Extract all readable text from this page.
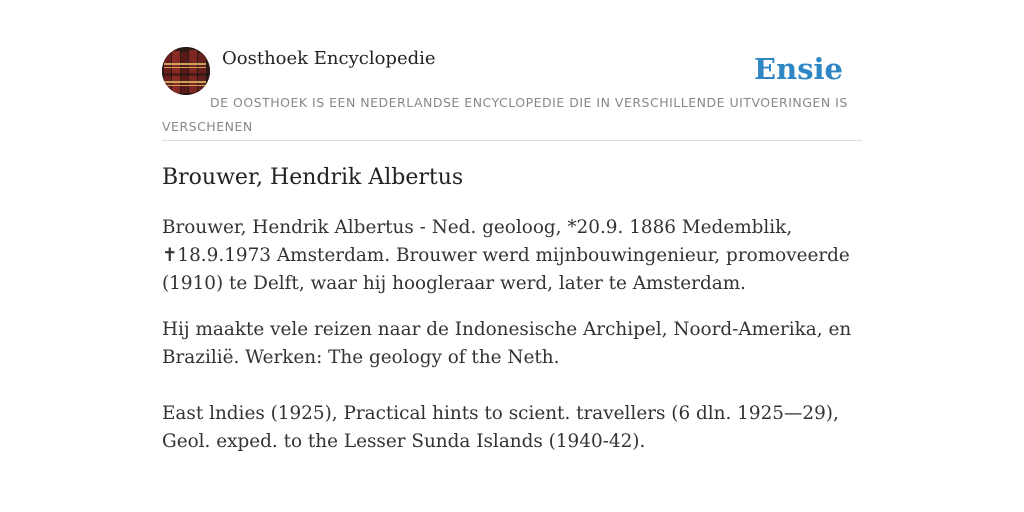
Oosthoek Encyclopedie	Ensie
DE OOSTHOEK IS EEN NEDERLANDSE ENCYCLOPEDIE DIE IN VERSCHILLENDE UITVOERINGEN IS VERSCHENEN
Brouwer, Hendrik Albertus

Brouwer, Hendrik Albertus - Ned. geoloog, *20.9. 1886 Medemblik, ✝18.9.1973 Amsterdam. Brouwer werd mijnbouwingenieur, promoveerde (1910) te Delft, waar hij hoogleraar werd, later te Amsterdam.

Hij maakte vele reizen naar de Indonesische Archipel, Noord-Amerika, en Brazilië. Werken: The geology of the Neth.

East lndies (1925), Practical hints to scient. travellers (6 dln. 1925—29), Geol. exped. to the Lesser Sunda Islands (1940-42).
